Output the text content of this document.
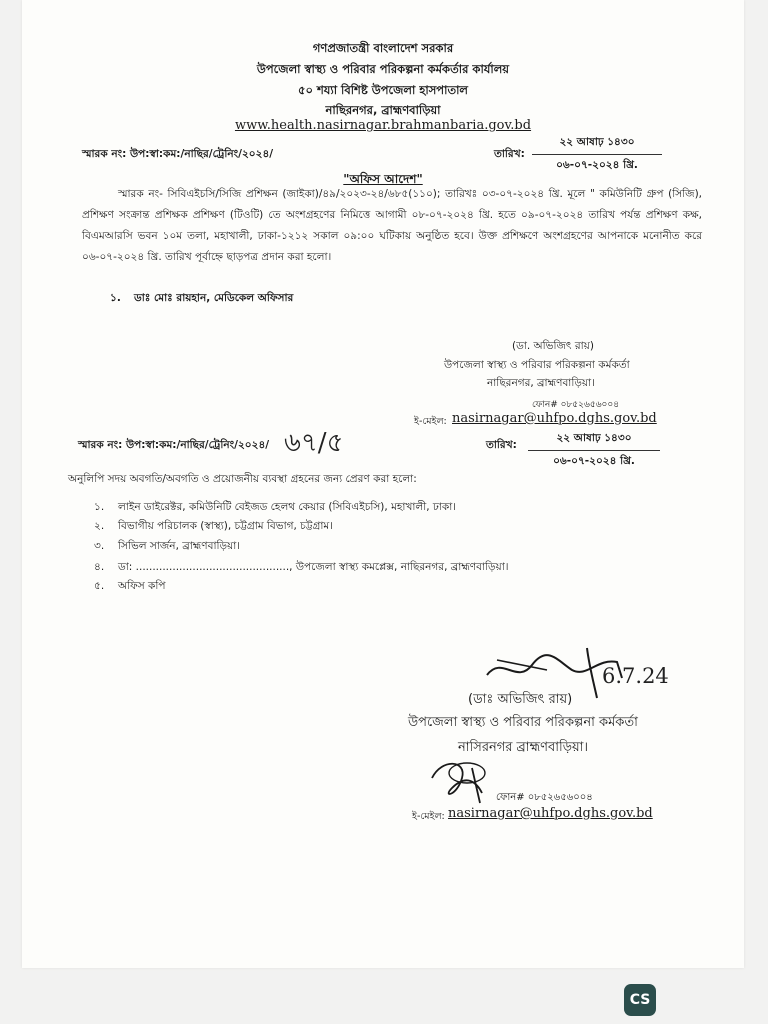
গণপ্রজাতন্ত্রী বাংলাদেশ সরকার
উপজেলা স্বাস্থ্য ও পরিবার পরিকল্পনা কর্মকর্তার কার্যালয়
৫০ শয্যা বিশিষ্ট উপজেলা হাসপাতাল
নাছিরনগর, ব্রাহ্মণবাড়িয়া
www.health.nasirnagar.brahmanbaria.gov.bd
স্মারক নং: উপ:স্বা:কম:/নাছির/ট্রেনিং/২০২৪/	তারিখ:
২২ আষাঢ় ১৪৩০
০৬-০৭-২০২৪ খ্রি.
"অফিস আদেশ"
স্মারক নং- সিবিএইচসি/সিজি প্রশিক্ষন (জাইকা)/৪৯/২০২৩-২৪/৬৮৫(১১০); তারিখঃ ০৩-০৭-২০২৪ খ্রি. মূলে " কমিউনিটি গ্রুপ (সিজি), প্রশিক্ষণ সংক্রান্ত প্রশিক্ষক প্রশিক্ষণ (টিওটি) তে অংশগ্রহণের নিমিত্তে আগামী ০৮-০৭-২০২৪ খ্রি. হতে ০৯-০৭-২০২৪ তারিখ পর্যন্ত প্রশিক্ষণ কক্ষ, বিএমআরসি ভবন ১০ম তলা, মহাখালী, ঢাকা-১২১২ সকাল ০৯:০০ ঘটিকায় অনুষ্ঠিত হবে। উক্ত প্রশিক্ষণে অংশগ্রহণের আপনাকে মনোনীত করে ০৬-০৭-২০২৪ খ্রি. তারিখ পূর্বাহ্নে ছাড়পত্র প্রদান করা হলো।
১. ডাঃ মোঃ রায়হান, মেডিকেল অফিসার
(ডা. অভিজিৎ রায়)
উপজেলা স্বাস্থ্য ও পরিবার পরিকল্পনা কর্মকর্তা
নাছিরনগর, ব্রাহ্মণবাড়িয়া।
ফোন# ০৮৫২৬৫৬০০৪
ই-মেইল: nasirnagar@uhfpo.dghs.gov.bd
স্মারক নং: উপ:স্বা:কম:/নাছির/ট্রেনিং/২০২৪/ ৬৭/৫	তারিখ:
২২ আষাঢ় ১৪৩০
০৬-০৭-২০২৪ খ্রি.
অনুলিপি সদয় অবগতি/অবগতি ও প্রয়োজনীয় ব্যবস্থা গ্রহনের জন্য প্রেরণ করা হলো:
১. লাইন ডাইরেক্টর, কমিউনিটি বেইজড হেলথ কেয়ার (সিবিএইচসি), মহাখালী, ঢাকা।
২. বিভাগীয় পরিচালক (স্বাস্থ্য), চট্টগ্রাম বিভাগ, চট্টগ্রাম।
৩. সিভিল সার্জন, ব্রাহ্মণবাড়িয়া।
৪. ডা: .............................................., উপজেলা স্বাস্থ্য কমপ্লেক্স, নাছিরনগর, ব্রাহ্মণবাড়িয়া।
৫. অফিস কপি
6.7.24
(ডাঃ অভিজিৎ রায়)
উপজেলা স্বাস্থ্য ও পরিবার পরিকল্পনা কর্মকর্তা
নাসিরনগর ব্রাহ্মণবাড়িয়া।
ফোন# ০৮৫২৬৫৬০০৪
ই-মেইল: nasirnagar@uhfpo.dghs.gov.bd
CS
